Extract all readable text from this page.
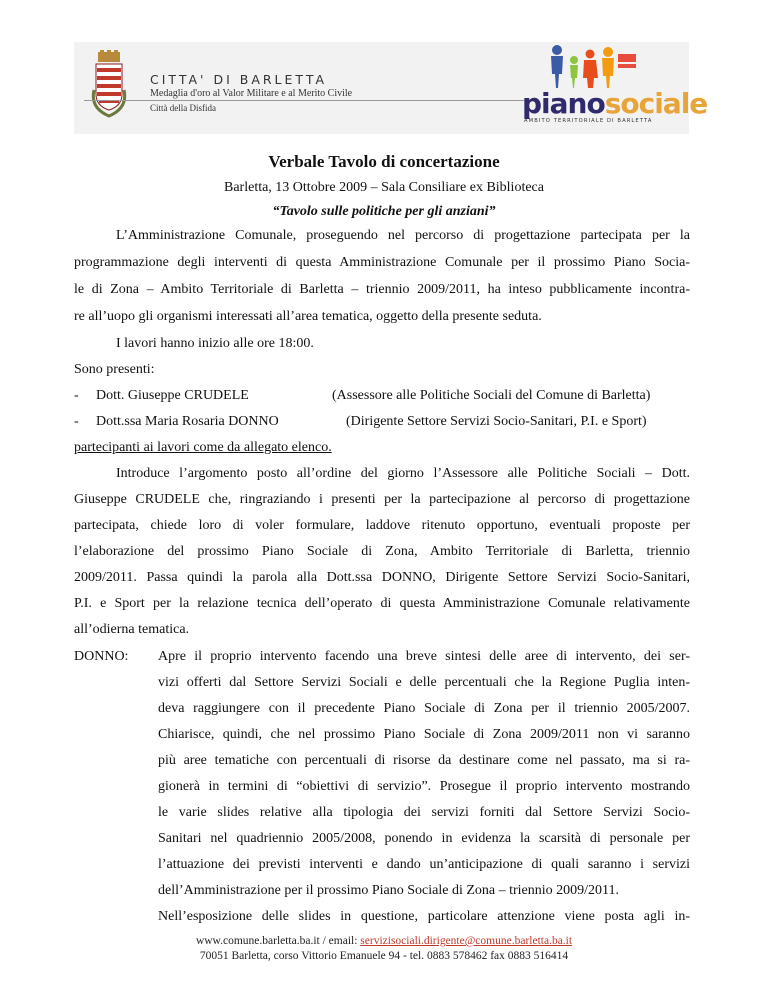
CITTA' DI BARLETTA
Medaglia d'oro al Valor Militare e al Merito Civile
Città della Disfida	pianosociale
AMBITO TERRITORIALE DI BARLETTA
Verbale Tavolo di concertazione
Barletta, 13 Ottobre 2009 – Sala Consiliare ex Biblioteca
“Tavolo sulle politiche per gli anziani”
L’Amministrazione Comunale, proseguendo nel percorso di progettazione partecipata per la
programmazione degli interventi di questa Amministrazione Comunale per il prossimo Piano Socia-
le di Zona – Ambito Territoriale di Barletta – triennio 2009/2011, ha inteso pubblicamente incontra-
re all’uopo gli organismi interessati all’area tematica, oggetto della presente seduta.
I lavori hanno inizio alle ore 18:00.
Sono presenti:
- Dott. Giuseppe CRUDELE	(Assessore alle Politiche Sociali del Comune di Barletta)
- Dott.ssa Maria Rosaria DONNO	(Dirigente Settore Servizi Socio-Sanitari, P.I. e Sport)
partecipanti ai lavori come da allegato elenco.
Introduce l’argomento posto all’ordine del giorno l’Assessore alle Politiche Sociali – Dott.
Giuseppe CRUDELE che, ringraziando i presenti per la partecipazione al percorso di progettazione
partecipata, chiede loro di voler formulare, laddove ritenuto opportuno, eventuali proposte per
l’elaborazione del prossimo Piano Sociale di Zona, Ambito Territoriale di Barletta, triennio
2009/2011. Passa quindi la parola alla Dott.ssa DONNO, Dirigente Settore Servizi Socio-Sanitari,
P.I. e Sport per la relazione tecnica dell’operato di questa Amministrazione Comunale relativamente
all’odierna tematica.
DONNO: Apre il proprio intervento facendo una breve sintesi delle aree di intervento, dei ser-
vizi offerti dal Settore Servizi Sociali e delle percentuali che la Regione Puglia inten-
deva raggiungere con il precedente Piano Sociale di Zona per il triennio 2005/2007.
Chiarisce, quindi, che nel prossimo Piano Sociale di Zona 2009/2011 non vi saranno
più aree tematiche con percentuali di risorse da destinare come nel passato, ma si ra-
gionerà in termini di “obiettivi di servizio”. Prosegue il proprio intervento mostrando
le varie slides relative alla tipologia dei servizi forniti dal Settore Servizi Socio-
Sanitari nel quadriennio 2005/2008, ponendo in evidenza la scarsità di personale per
l’attuazione dei previsti interventi e dando un’anticipazione di quali saranno i servizi
dell’Amministrazione per il prossimo Piano Sociale di Zona – triennio 2009/2011.
Nell’esposizione delle slides in questione, particolare attenzione viene posta agli in-
www.comune.barletta.ba.it / email: servizisociali.dirigente@comune.barletta.ba.it
70051 Barletta, corso Vittorio Emanuele 94 - tel. 0883 578462 fax 0883 516414
